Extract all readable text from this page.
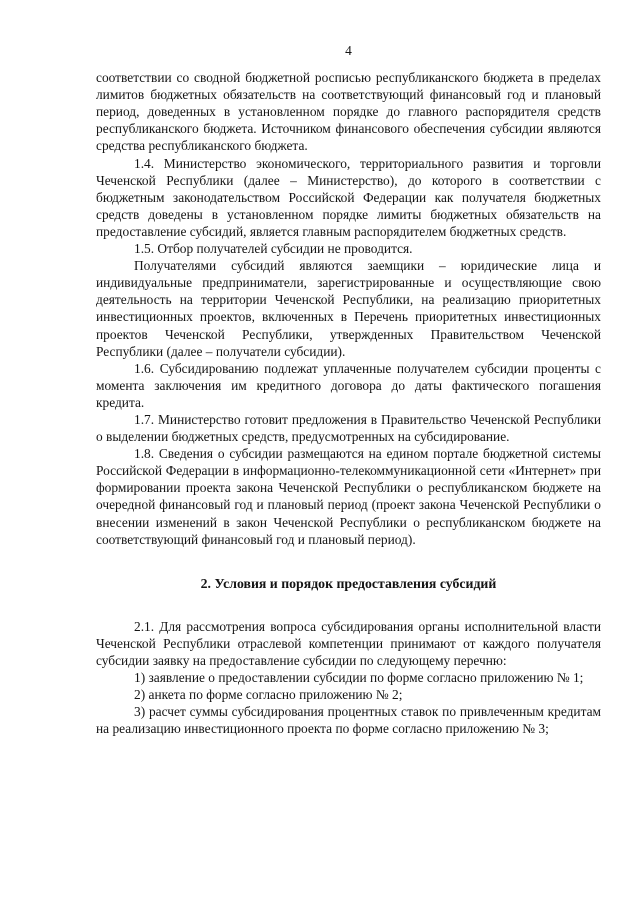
4

соответствии со сводной бюджетной росписью республиканского бюджета в пределах лимитов бюджетных обязательств на соответствующий финансовый год и плановый период, доведенных в установленном порядке до главного распорядителя средств республиканского бюджета. Источником финансового обеспечения субсидии являются средства республиканского бюджета.

1.4. Министерство экономического, территориального развития и торговли Чеченской Республики (далее – Министерство), до которого в соответствии с бюджетным законодательством Российской Федерации как получателя бюджетных средств доведены в установленном порядке лимиты бюджетных обязательств на предоставление субсидий, является главным распорядителем бюджетных средств.

1.5. Отбор получателей субсидии не проводится.

Получателями субсидий являются заемщики – юридические лица и индивидуальные предприниматели, зарегистрированные и осуществляющие свою деятельность на территории Чеченской Республики, на реализацию приоритетных инвестиционных проектов, включенных в Перечень приоритетных инвестиционных проектов Чеченской Республики, утвержденных Правительством Чеченской Республики (далее – получатели субсидии).

1.6. Субсидированию подлежат уплаченные получателем субсидии проценты с момента заключения им кредитного договора до даты фактического погашения кредита.

1.7. Министерство готовит предложения в Правительство Чеченской Республики о выделении бюджетных средств, предусмотренных на субсидирование.

1.8. Сведения о субсидии размещаются на едином портале бюджетной системы Российской Федерации в информационно-телекоммуникационной сети «Интернет» при формировании проекта закона Чеченской Республики о республиканском бюджете на очередной финансовый год и плановый период (проект закона Чеченской Республики о внесении изменений в закон Чеченской Республики о республиканском бюджете на соответствующий финансовый год и плановый период).

2. Условия и порядок предоставления субсидий

2.1. Для рассмотрения вопроса субсидирования органы исполнительной власти Чеченской Республики отраслевой компетенции принимают от каждого получателя субсидии заявку на предоставление субсидии по следующему перечню:

1) заявление о предоставлении субсидии по форме согласно приложению № 1;

2) анкета по форме согласно приложению № 2;

3) расчет суммы субсидирования процентных ставок по привлеченным кредитам на реализацию инвестиционного проекта по форме согласно приложению № 3;
